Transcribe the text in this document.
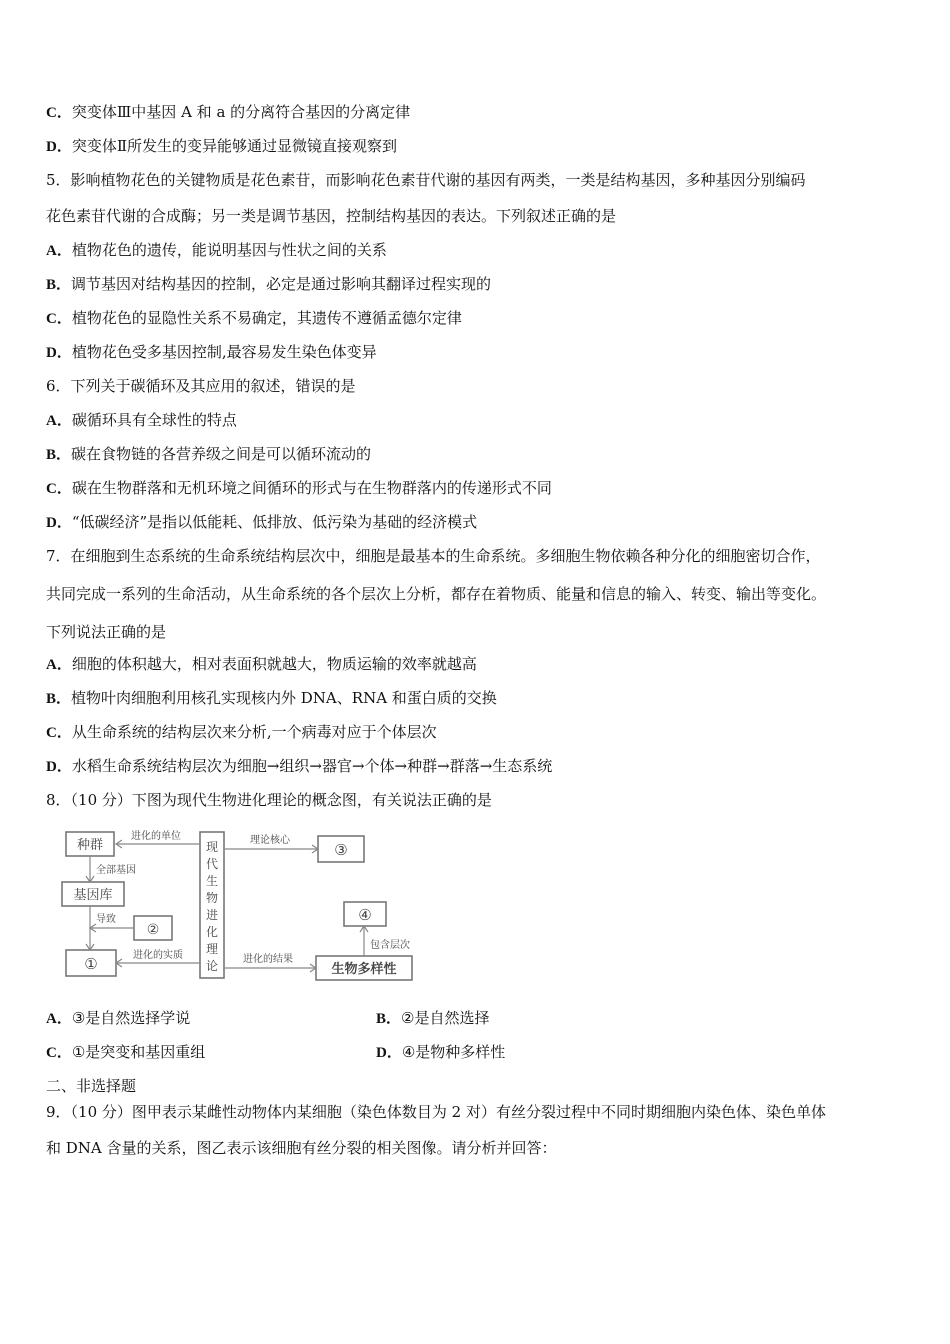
C．突变体Ⅲ中基因 A 和 a 的分离符合基因的分离定律
D．突变体Ⅱ所发生的变异能够通过显微镜直接观察到
5．影响植物花色的关键物质是花色素苷，而影响花色素苷代谢的基因有两类，一类是结构基因，多种基因分别编码
花色素苷代谢的合成酶；另一类是调节基因，控制结构基因的表达。下列叙述正确的是
A．植物花色的遗传，能说明基因与性状之间的关系
B．调节基因对结构基因的控制，必定是通过影响其翻译过程实现的
C．植物花色的显隐性关系不易确定，其遗传不遵循孟德尔定律
D．植物花色受多基因控制,最容易发生染色体变异
6．下列关于碳循环及其应用的叙述，错误的是
A．碳循环具有全球性的特点
B．碳在食物链的各营养级之间是可以循环流动的
C．碳在生物群落和无机环境之间循环的形式与在生物群落内的传递形式不同
D．“低碳经济”是指以低能耗、低排放、低污染为基础的经济模式
7．在细胞到生态系统的生命系统结构层次中，细胞是最基本的生命系统。多细胞生物依赖各种分化的细胞密切合作，
共同完成一系列的生命活动，从生命系统的各个层次上分析，都存在着物质、能量和信息的输入、转变、输出等变化。
下列说法正确的是
A．细胞的体积越大，相对表面积就越大，物质运输的效率就越高
B．植物叶肉细胞利用核孔实现核内外 DNA、RNA 和蛋白质的交换
C．从生命系统的结构层次来分析,一个病毒对应于个体层次
D．水稻生命系统结构层次为细胞→组织→器官→个体→种群→群落→生态系统
8．（10 分）下图为现代生物进化理论的概念图，有关说法正确的是
种群
基因库
①
②
现
代
生
物
进
化
理
论
③
④
生物多样性
进化的单位
全部基因
导致
进化的实质
理论核心
进化的结果
包含层次
A．③是自然选择学说	B．②是自然选择
C．①是突变和基因重组	D．④是物种多样性
二、非选择题
9．（10 分）图甲表示某雌性动物体内某细胞（染色体数目为 2 对）有丝分裂过程中不同时期细胞内染色体、染色单体
和 DNA 含量的关系，图乙表示该细胞有丝分裂的相关图像。请分析并回答：
